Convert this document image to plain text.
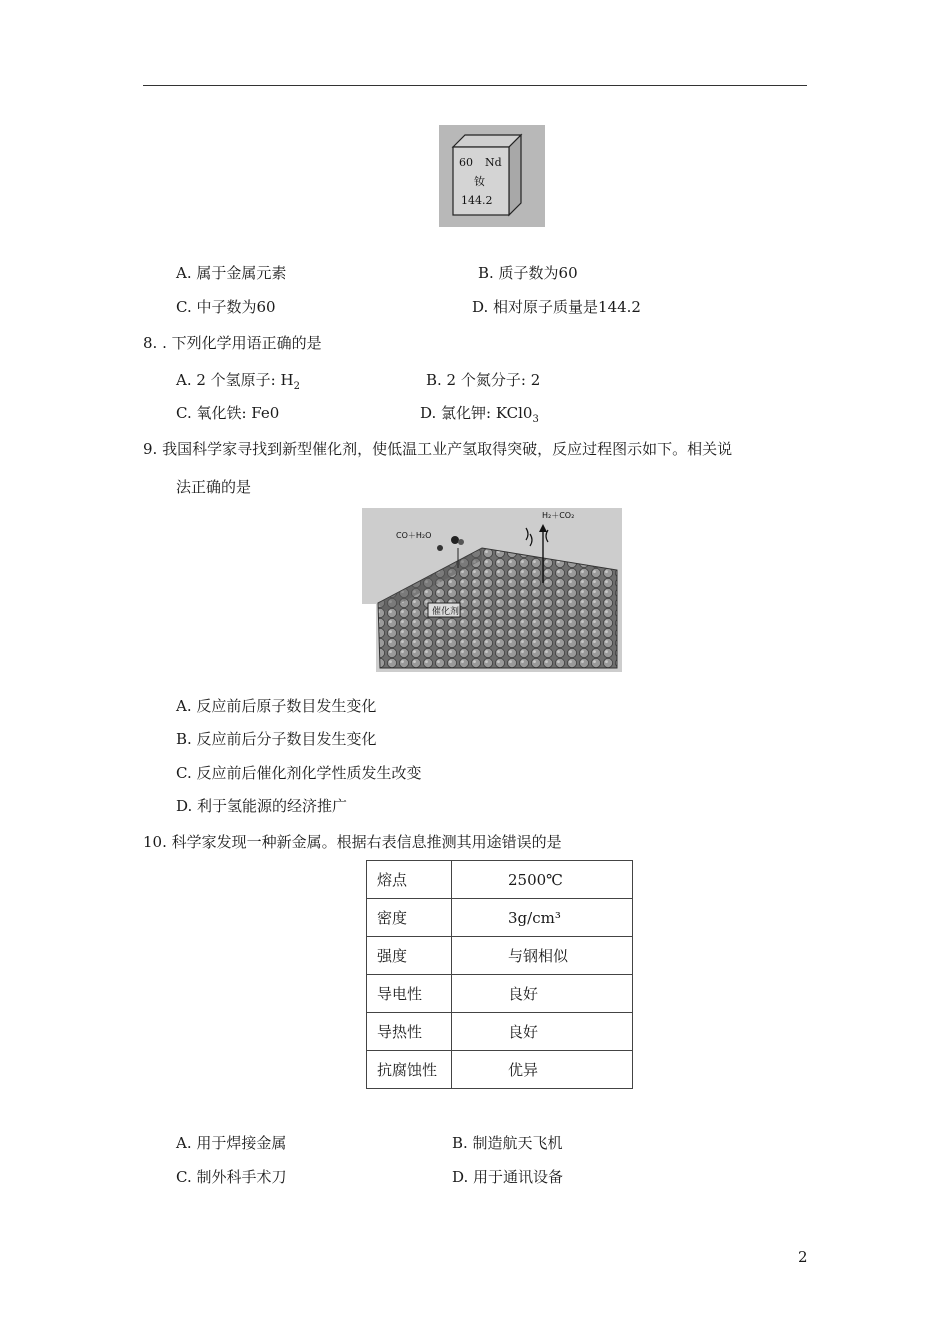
60 Nd
钕
144.2
A. 属于金属元素	B. 质子数为60
C. 中子数为60	D. 相对原子质量是144.2
8. . 下列化学用语正确的是
A. 2 个氢原子: $H_2$	B. 2 个氮分子: 2
C. 氧化铁: Fe0	D. 氯化钾: $KCl0_3$
9. 我国科学家寻找到新型催化剂，使低温工业产氢取得突破，反应过程图示如下。相关说
法正确的是
催化剂
CO＋H₂O
H₂＋CO₂
A. 反应前后原子数目发生变化
B. 反应前后分子数目发生变化
C. 反应前后催化剂化学性质发生改变
D. 利于氢能源的经济推广
10. 科学家发现一种新金属。根据右表信息推测其用途错误的是
熔点	2500℃
密度	3g/cm³
强度	与钢相似
导电性	良好
导热性	良好
抗腐蚀性	优异
A. 用于焊接金属	B. 制造航天飞机
C. 制外科手术刀	D. 用于通讯设备
2
